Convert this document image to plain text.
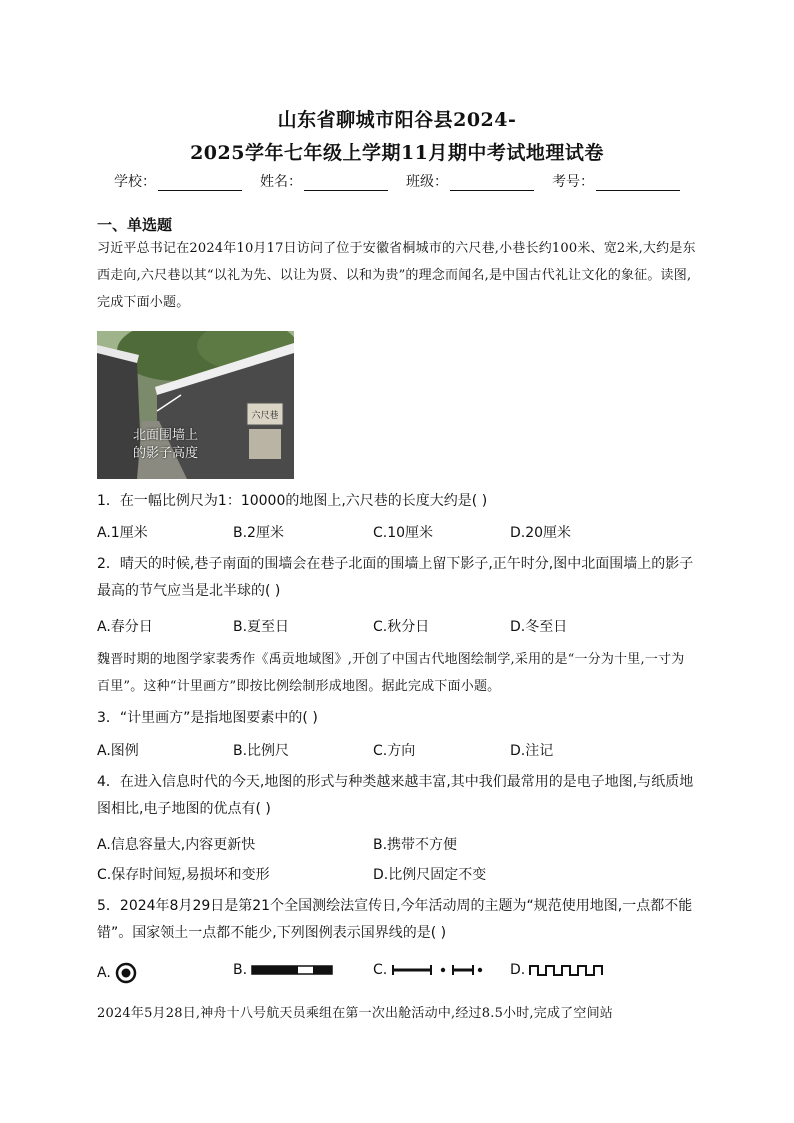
山东省聊城市阳谷县2024-
2025学年七年级上学期11月期中考试地理试卷
学校：	姓名：	班级：	考号：
一、单选题
习近平总书记在2024年10月17日访问了位于安徽省桐城市的六尺巷,小巷长约100米、宽2米,大约是东西走向,六尺巷以其“以礼为先、以让为贤、以和为贵”的理念而闻名,是中国古代礼让文化的象征。读图,完成下面小题。
六尺巷
北面围墙上
的影子高度
1．在一幅比例尺为1：10000的地图上,六尺巷的长度大约是( )
A.1厘米	B.2厘米	C.10厘米	D.20厘米
2．晴天的时候,巷子南面的围墙会在巷子北面的围墙上留下影子,正午时分,图中北面围墙上的影子最高的节气应当是北半球的( )
A.春分日	B.夏至日	C.秋分日	D.冬至日
魏晋时期的地图学家裴秀作《禹贡地域图》,开创了中国古代地图绘制学,采用的是“一分为十里,一寸为百里”。这种“计里画方”即按比例绘制形成地图。据此完成下面小题。
3．“计里画方”是指地图要素中的( )
A.图例	B.比例尺	C.方向	D.注记
4．在进入信息时代的今天,地图的形式与种类越来越丰富,其中我们最常用的是电子地图,与纸质地图相比,电子地图的优点有( )
A.信息容量大,内容更新快	B.携带不方便
C.保存时间短,易损坏和变形	D.比例尺固定不变
5．2024年8月29日是第21个全国测绘法宣传日,今年活动周的主题为“规范使用地图,一点都不能错”。国家领土一点都不能少,下列图例表示国界线的是( )
A.	B.	C.	D.
2024年5月28日,神舟十八号航天员乘组在第一次出舱活动中,经过8.5小时,完成了空间站
